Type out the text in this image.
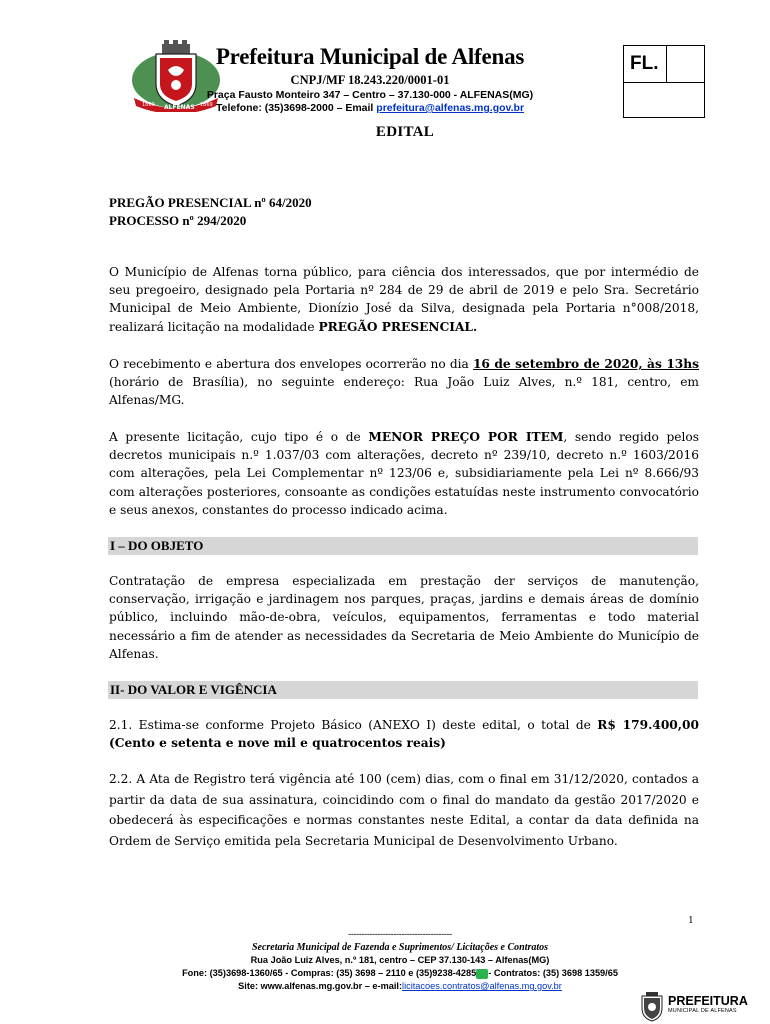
1869 ALFENAS 1869
Prefeitura Municipal de Alfenas
CNPJ/MF 18.243.220/0001-01
Praça Fausto Monteiro 347 – Centro – 37.130-000 - ALFENAS(MG)
Telefone: (35)3698-2000 – Email prefeitura@alfenas.mg.gov.br
FL.
EDITAL
PREGÃO PRESENCIAL nº 64/2020
PROCESSO nº 294/2020
O Município de Alfenas torna público, para ciência dos interessados, que por intermédio de seu pregoeiro, designado pela Portaria nº 284 de 29 de abril de 2019 e pelo Sra. Secretário Municipal de Meio Ambiente, Dionízio José da Silva, designada pela Portaria n°008/2018, realizará licitação na modalidade PREGÃO PRESENCIAL.
O recebimento e abertura dos envelopes ocorrerão no dia 16 de setembro de 2020, às 13hs (horário de Brasília), no seguinte endereço: Rua João Luiz Alves, n.º 181, centro, em Alfenas/MG.
A presente licitação, cujo tipo é o de MENOR PREÇO POR ITEM, sendo regido pelos decretos municipais n.º 1.037/03 com alterações, decreto nº 239/10, decreto n.º 1603/2016 com alterações, pela Lei Complementar nº 123/06 e, subsidiariamente pela Lei nº 8.666/93 com alterações posteriores, consoante as condições estatuídas neste instrumento convocatório e seus anexos, constantes do processo indicado acima.
I – DO OBJETO
Contratação de empresa especializada em prestação der serviços de manutenção, conservação, irrigação e jardinagem nos parques, praças, jardins e demais áreas de domínio público, incluindo mão-de-obra, veículos, equipamentos, ferramentas e todo material necessário a fim de atender as necessidades da Secretaria de Meio Ambiente do Município de Alfenas.
II- DO VALOR E VIGÊNCIA
2.1. Estima-se conforme Projeto Básico (ANEXO I) deste edital, o total de R$ 179.400,00 (Cento e setenta e nove mil e quatrocentos reais)
2.2. A Ata de Registro terá vigência até 100 (cem) dias, com o final em 31/12/2020, contados a partir da data de sua assinatura, coincidindo com o final do mandato da gestão 2017/2020 e obedecerá às especificações e normas constantes neste Edital, a contar da data definida na Ordem de Serviço emitida pela Secretaria Municipal de Desenvolvimento Urbano.
1
---------------------------------------
Secretaria Municipal de Fazenda e Suprimentos/ Licitações e Contratos
Rua João Luiz Alves, n.º 181, centro – CEP 37.130-143 – Alfenas(MG)
Fone: (35)3698-1360/65 - Compras: (35) 3698 – 2110 e (35)9238-4285 - Contratos: (35) 3698 1359/65
Site: www.alfenas.mg.gov.br – e-mail:licitacoes.contratos@alfenas.mg.gov.br
PREFEITURA
MUNICIPAL DE ALFENAS
